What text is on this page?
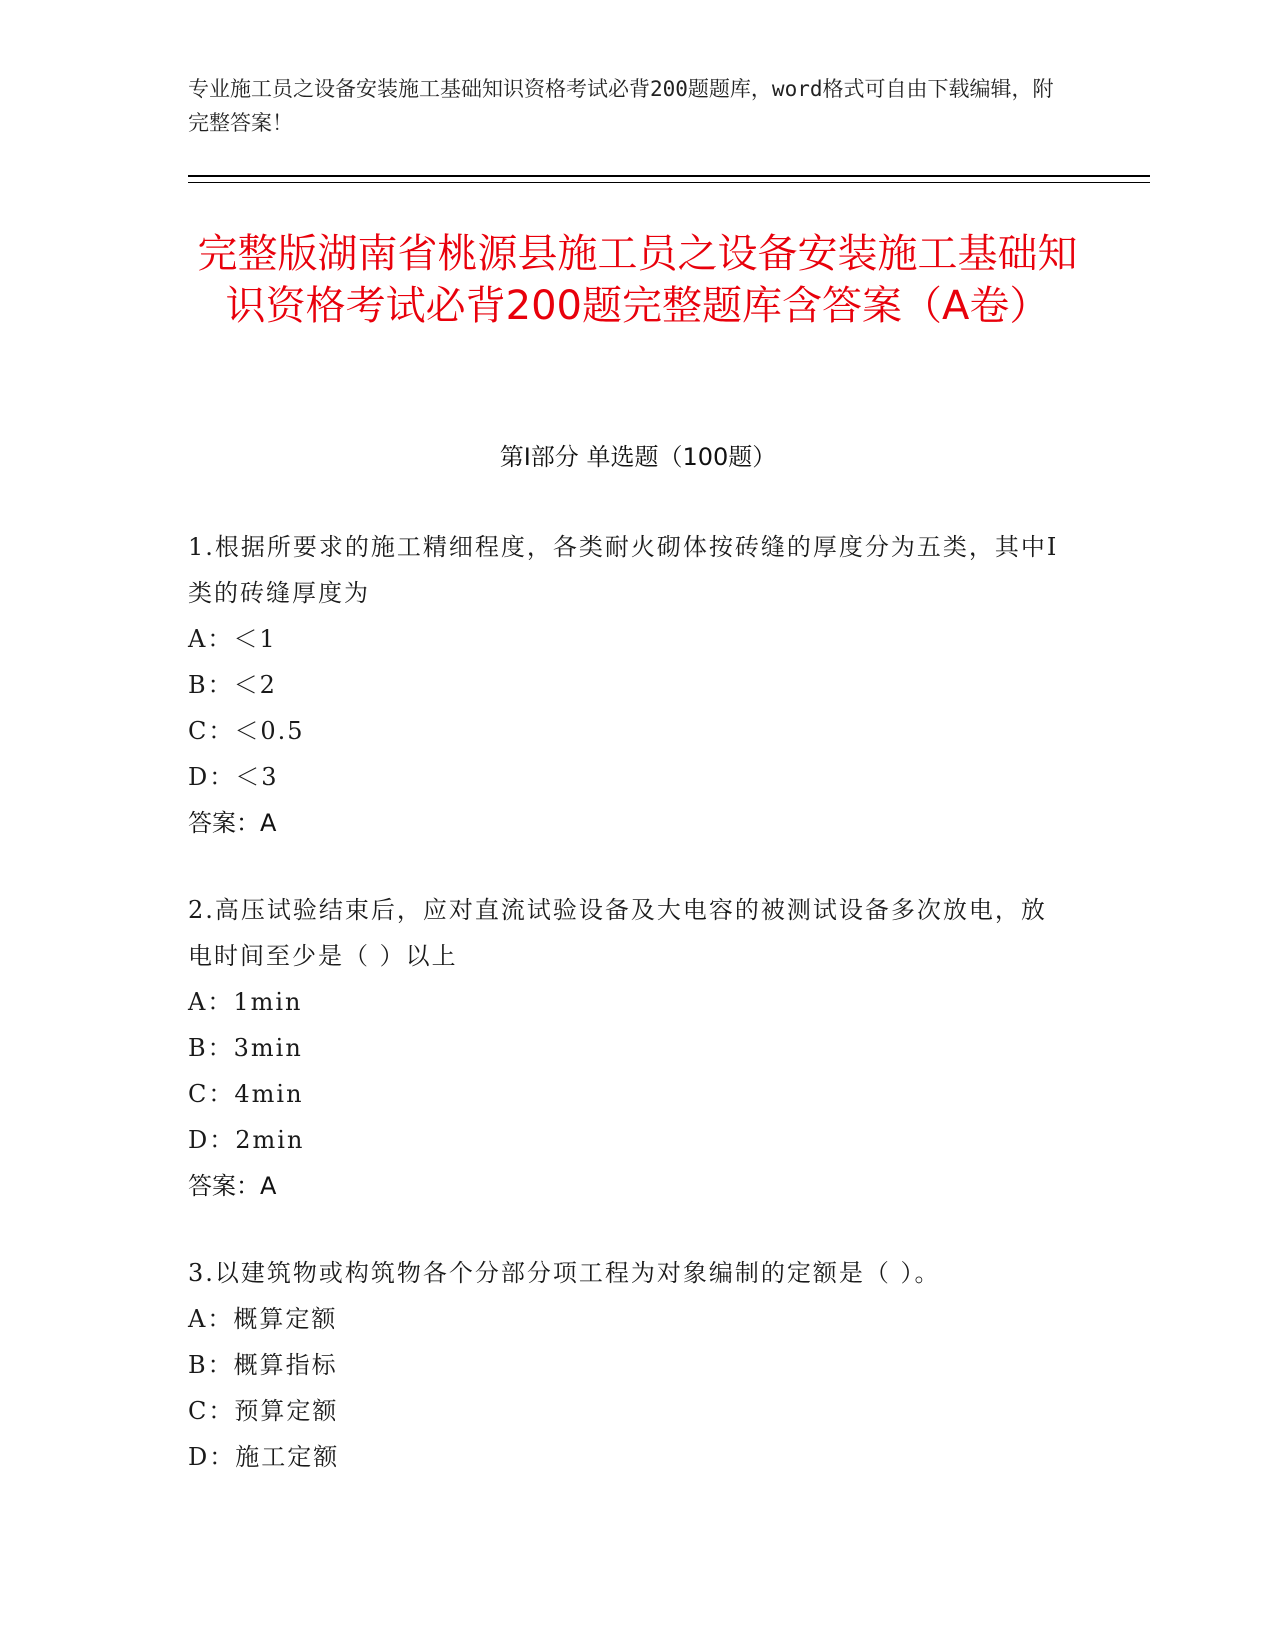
专业施工员之设备安装施工基础知识资格考试必背200题题库，word格式可自由下载编辑，附完整答案！
完整版湖南省桃源县施工员之设备安装施工基础知识资格考试必背200题完整题库含答案（A卷）
第Ⅰ部分 单选题（100题）
1.根据所要求的施工精细程度，各类耐火砌体按砖缝的厚度分为五类，其中Ⅰ类的砖缝厚度为
A：＜1
B：＜2
C：＜0.5
D：＜3
答案：A
2.高压试验结束后，应对直流试验设备及大电容的被测试设备多次放电，放电时间至少是（ ）以上
A：1min
B：3min
C：4min
D：2min
答案：A
3.以建筑物或构筑物各个分部分项工程为对象编制的定额是（ ）。
A：概算定额
B：概算指标
C：预算定额
D：施工定额
